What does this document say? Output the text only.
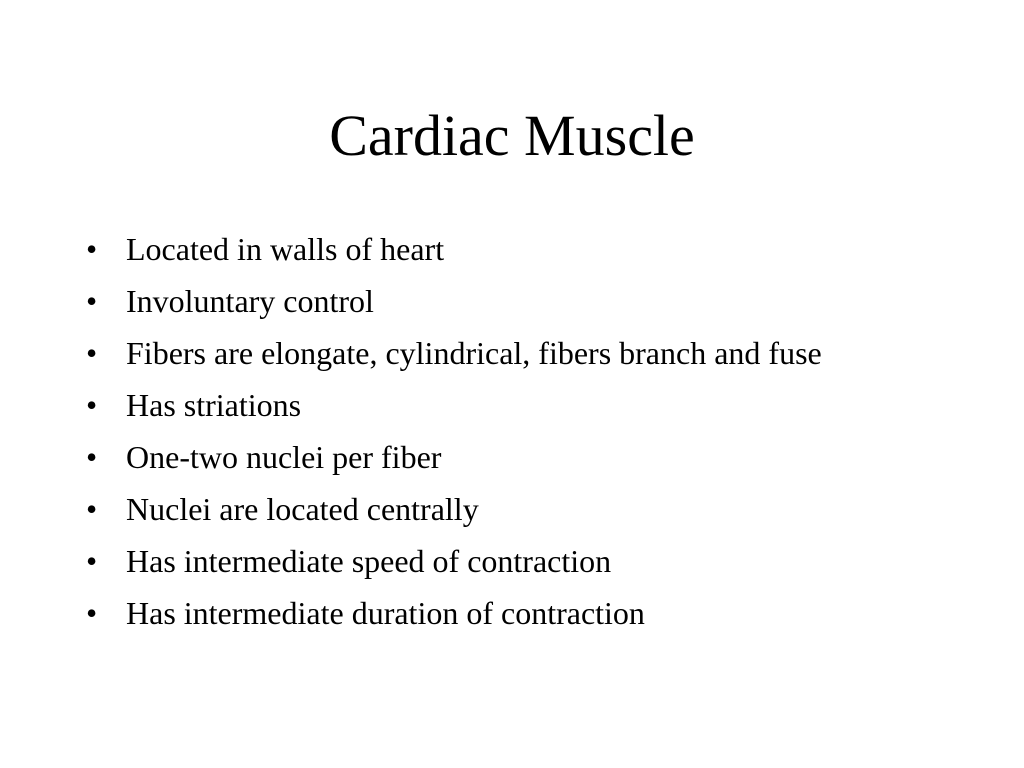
Cardiac Muscle
• Located in walls of heart
• Involuntary control
• Fibers are elongate, cylindrical, fibers branch and fuse
• Has striations
• One-two nuclei per fiber
• Nuclei are located centrally
• Has intermediate speed of contraction
• Has intermediate duration of contraction
